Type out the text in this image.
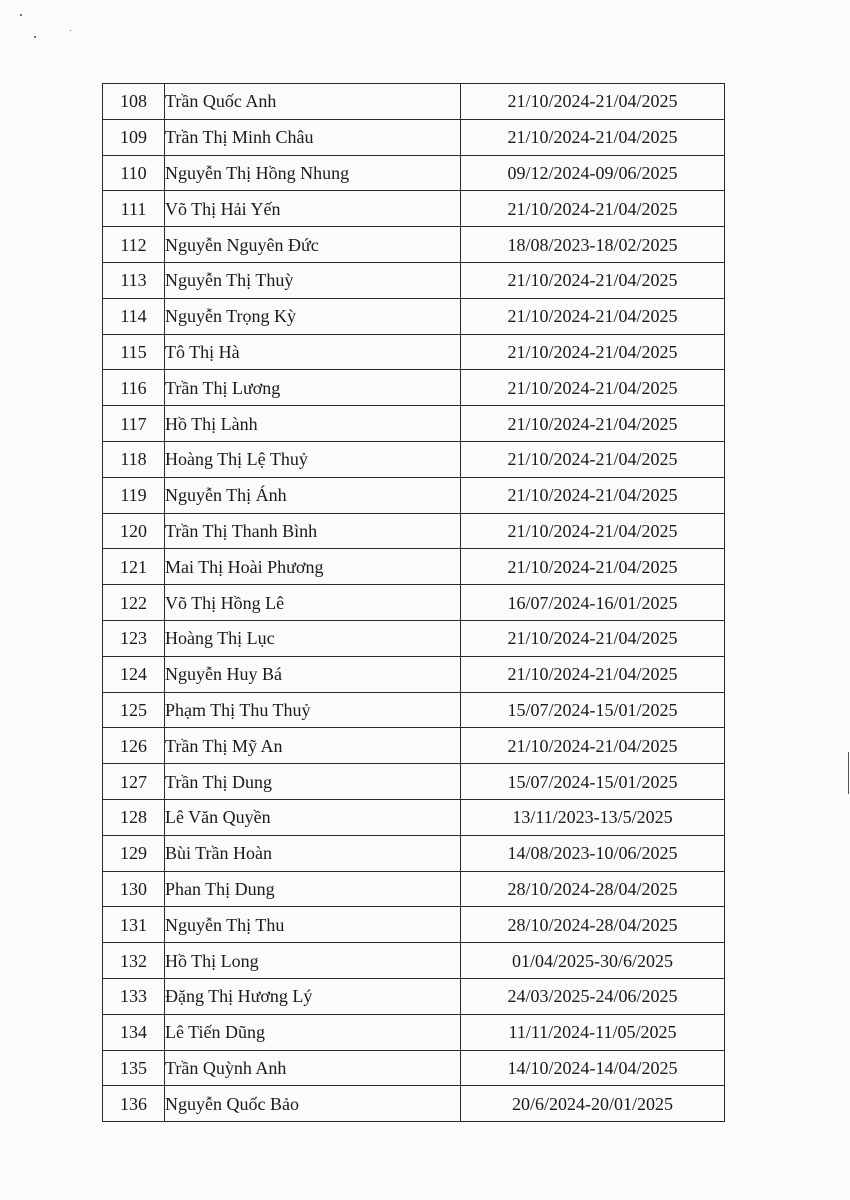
108	Trần Quốc Anh	21/10/2024-21/04/2025
109	Trần Thị Minh Châu	21/10/2024-21/04/2025
110	Nguyễn Thị Hồng Nhung	09/12/2024-09/06/2025
111	Võ Thị Hải Yến	21/10/2024-21/04/2025
112	Nguyễn Nguyên Đức	18/08/2023-18/02/2025
113	Nguyễn Thị Thuỳ	21/10/2024-21/04/2025
114	Nguyễn Trọng Kỳ	21/10/2024-21/04/2025
115	Tô Thị Hà	21/10/2024-21/04/2025
116	Trần Thị Lương	21/10/2024-21/04/2025
117	Hồ Thị Lành	21/10/2024-21/04/2025
118	Hoàng Thị Lệ Thuỷ	21/10/2024-21/04/2025
119	Nguyễn Thị Ánh	21/10/2024-21/04/2025
120	Trần Thị Thanh Bình	21/10/2024-21/04/2025
121	Mai Thị Hoài Phương	21/10/2024-21/04/2025
122	Võ Thị Hồng Lê	16/07/2024-16/01/2025
123	Hoàng Thị Lục	21/10/2024-21/04/2025
124	Nguyễn Huy Bá	21/10/2024-21/04/2025
125	Phạm Thị Thu Thuỷ	15/07/2024-15/01/2025
126	Trần Thị Mỹ An	21/10/2024-21/04/2025
127	Trần Thị Dung	15/07/2024-15/01/2025
128	Lê Văn Quyền	13/11/2023-13/5/2025
129	Bùi Trần Hoàn	14/08/2023-10/06/2025
130	Phan Thị Dung	28/10/2024-28/04/2025
131	Nguyễn Thị Thu	28/10/2024-28/04/2025
132	Hồ Thị Long	01/04/2025-30/6/2025
133	Đặng Thị Hương Lý	24/03/2025-24/06/2025
134	Lê Tiến Dũng	11/11/2024-11/05/2025
135	Trần Quỳnh Anh	14/10/2024-14/04/2025
136	Nguyễn Quốc Bảo	20/6/2024-20/01/2025
